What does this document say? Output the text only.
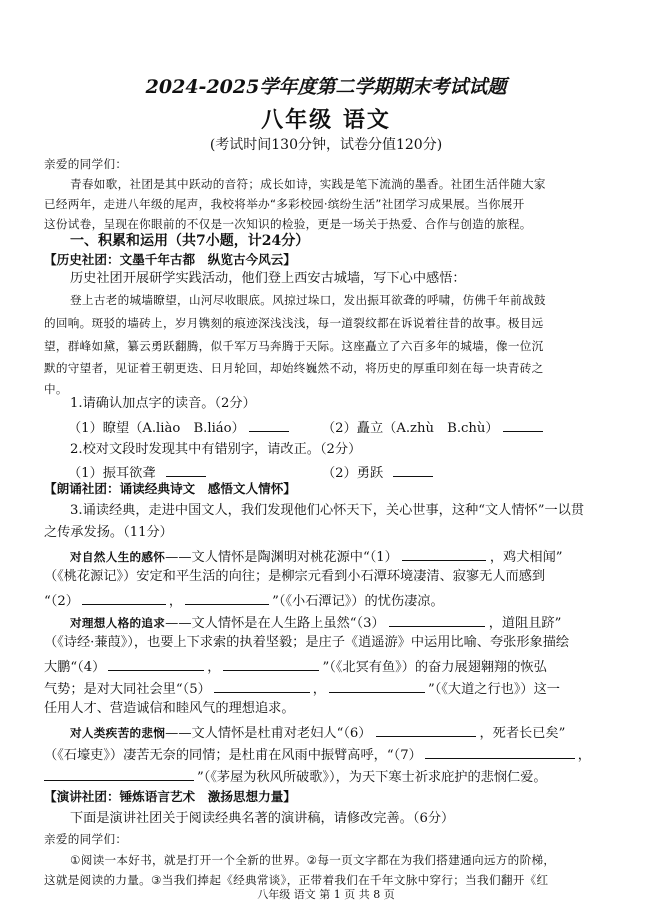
2024-2025学年度第二学期期末考试试题
八年级 语文
(考试时间130分钟，试卷分值120分)
亲爱的同学们：
青春如歌，社团是其中跃动的音符；成长如诗，实践是笔下流淌的墨香。社团生活伴随大家
已经两年，走进八年级的尾声，我校将举办“多彩校园·缤纷生活”社团学习成果展。当你展开
这份试卷，呈现在你眼前的不仅是一次知识的检验，更是一场关于热爱、合作与创造的旅程。
一、积累和运用（共7小题，计24分）
【历史社团：文墨千年古都　纵览古今风云】
历史社团开展研学实践活动，他们登上西安古城墙，写下心中感悟：
登上古老的城墙瞭望，山河尽收眼底。风掠过垛口，发出振耳欲聋的呼啸，仿佛千年前战鼓
的回响。斑驳的墙砖上，岁月镌刻的痕迹深浅浅浅，每一道裂纹都在诉说着往昔的故事。极目远
望，群峰如黛，纂云勇跃翻腾，似千军万马奔腾于天际。这座矗立了六百多年的城墙，像一位沉
默的守望者，见证着王朝更迭、日月轮回，却始终巍然不动，将历史的厚重印刻在每一块青砖之
中。
1.请确认加点字的读音。（2分）
（1）瞭望（A.liào　B.liáo）	（2）矗立（A.zhù　B.chù）
2.校对文段时发现其中有错别字，请改正。（2分）
（1）振耳欲聋	（2）勇跃
【朗诵社团：诵读经典诗文　感悟文人情怀】
3.诵读经典，走进中国文人，我们发现他们心怀天下，关心世事，这种“文人情怀”一以贯
之传承发扬。（11分）
对自然人生的感怀——文人情怀是陶渊明对桃花源中“（1）	，鸡犬相闻”
（《桃花源记》）安定和平生活的向往；是柳宗元看到小石潭环境凄清、寂寥无人而感到
“（2）	，	”（《小石潭记》）的忧伤凄凉。
对理想人格的追求——文人情怀是在人生路上虽然“（3）	，道阻且跻”
（《诗经·蒹葭》），也要上下求索的执着坚毅；是庄子《逍遥游》中运用比喻、夸张形象描绘
大鹏“（4）	，	”（《北冥有鱼》）的奋力展翅翱翔的恢弘
气势；是对大同社会里“（5）	，	”（《大道之行也》）这一
任用人才、营造诚信和睦风气的理想追求。
对人类疾苦的悲悯——文人情怀是杜甫对老妇人“（6）	，死者长已矣”
（《石壕吏》）凄苦无奈的同情；是杜甫在风雨中振臂高呼，“（7）	，
”（《茅屋为秋风所破歌》），为天下寒士祈求庇护的悲悯仁爱。
【演讲社团：锤炼语言艺术　激扬思想力量】
下面是演讲社团关于阅读经典名著的演讲稿，请修改完善。（6分）
亲爱的同学们：
①阅读一本好书，就是打开一个全新的世界。②每一页文字都在为我们搭建通向远方的阶梯，
这就是阅读的力量。③当我们捧起《经典常谈》，正带着我们在千年文脉中穿行；当我们翻开《红
八年级 语文 第 1 页 共 8 页
